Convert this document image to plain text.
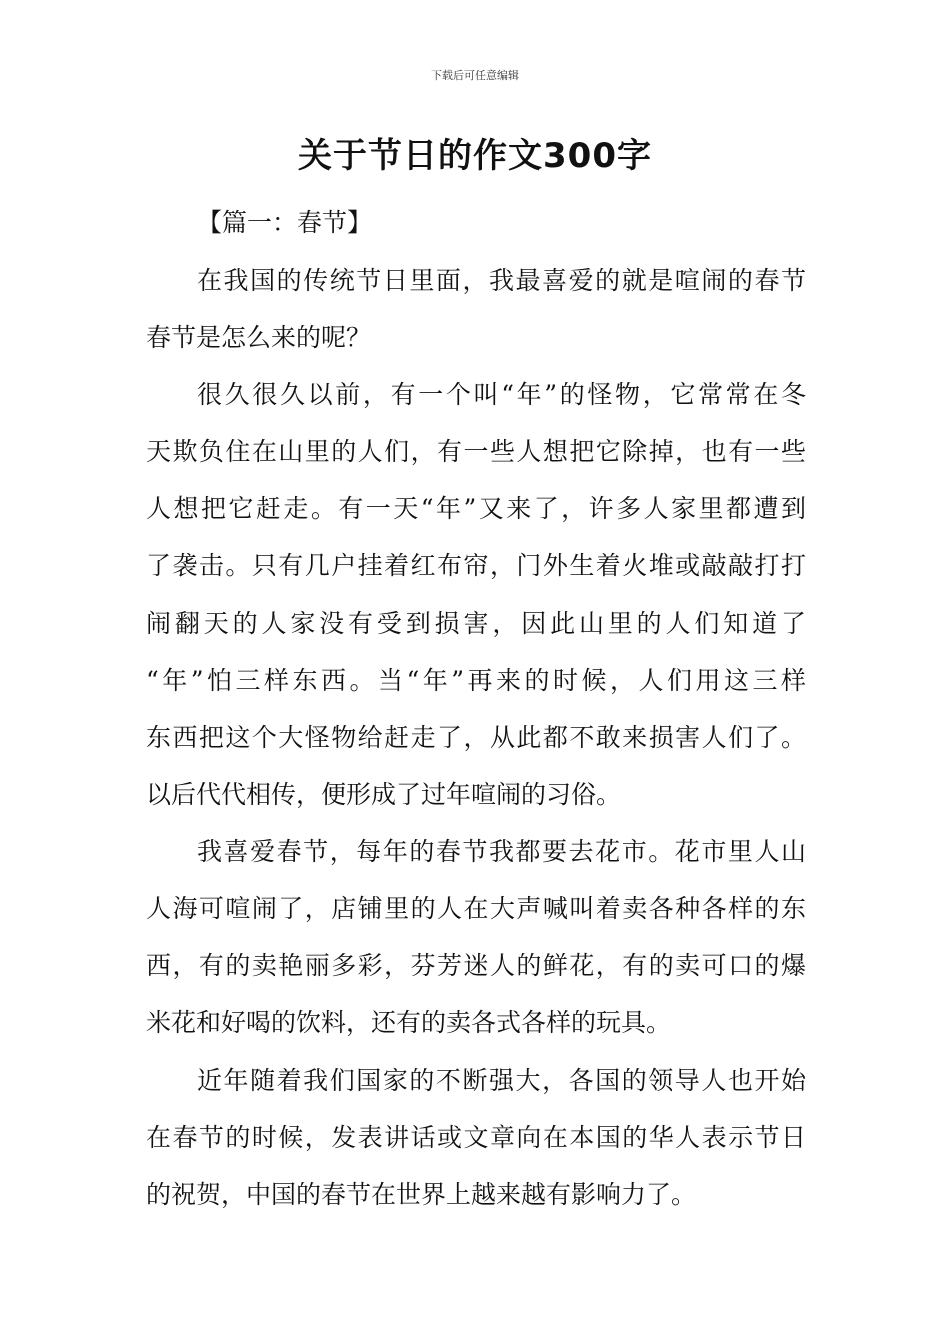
下载后可任意编辑
关于节日的作文300字

【篇一：春节】

在我国的传统节日里面，我最喜爱的就是喧闹的春节

春节是怎么来的呢？

很久很久以前，有一个叫“年”的怪物，它常常在冬

天欺负住在山里的人们，有一些人想把它除掉，也有一些

人想把它赶走。有一天“年”又来了，许多人家里都遭到

了袭击。只有几户挂着红布帘，门外生着火堆或敲敲打打

闹翻天的人家没有受到损害，因此山里的人们知道了

“年”怕三样东西。当“年”再来的时候，人们用这三样

东西把这个大怪物给赶走了，从此都不敢来损害人们了。

以后代代相传，便形成了过年喧闹的习俗。

我喜爱春节，每年的春节我都要去花市。花市里人山

人海可喧闹了，店铺里的人在大声喊叫着卖各种各样的东

西，有的卖艳丽多彩，芬芳迷人的鲜花，有的卖可口的爆

米花和好喝的饮料，还有的卖各式各样的玩具。

近年随着我们国家的不断强大，各国的领导人也开始

在春节的时候，发表讲话或文章向在本国的华人表示节日

的祝贺，中国的春节在世界上越来越有影响力了。
